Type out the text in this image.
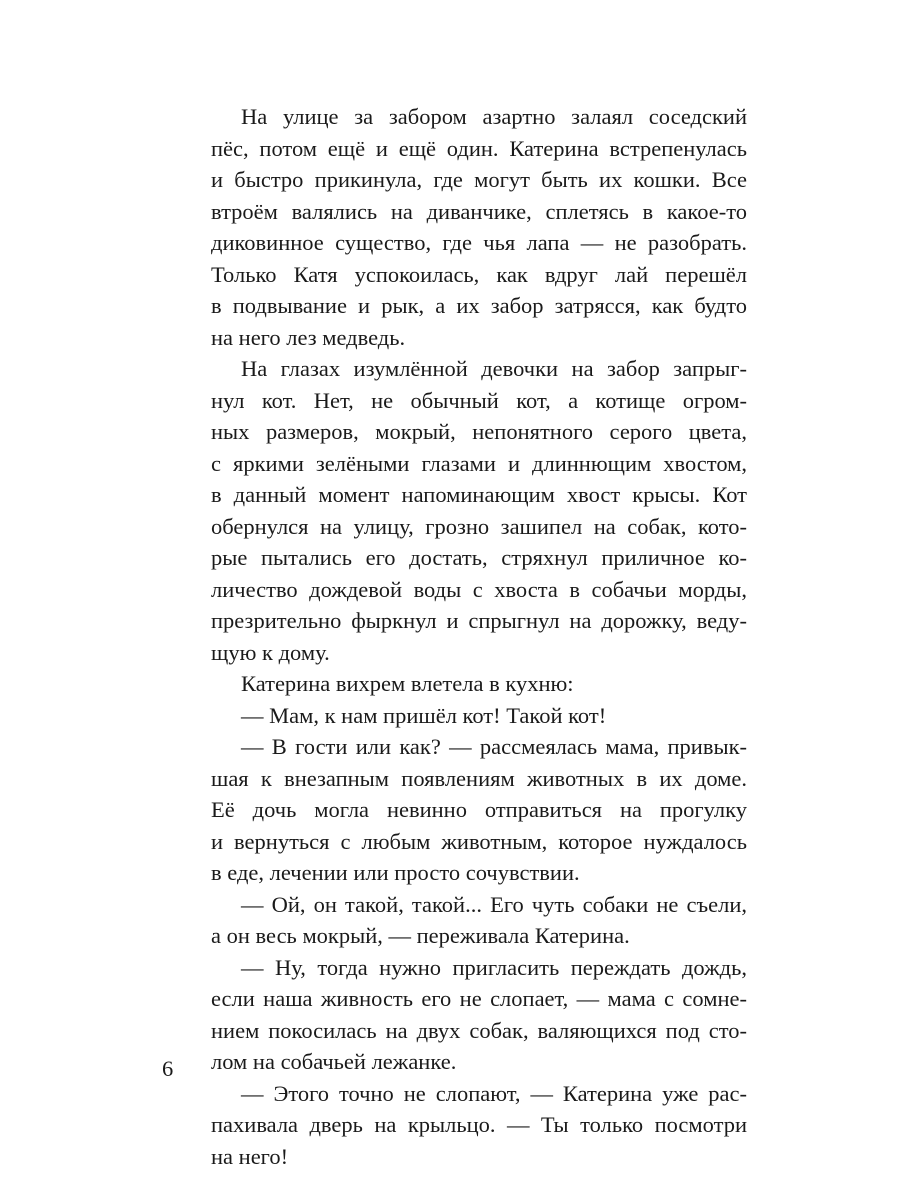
На улице за забором азартно залаял соседский
пёс, потом ещё и ещё один. Катерина встрепенулась
и быстро прикинула, где могут быть их кошки. Все
втроём валялись на диванчике, сплетясь в какое-то
диковинное существо, где чья лапа — не разобрать.
Только Катя успокоилась, как вдруг лай перешёл
в подвывание и рык, а их забор затрясся, как будто
на него лез медведь.
На глазах изумлённой девочки на забор запрыг-
нул кот. Нет, не обычный кот, а котище огром-
ных размеров, мокрый, непонятного серого цвета,
с яркими зелёными глазами и длиннющим хвостом,
в данный момент напоминающим хвост крысы. Кот
обернулся на улицу, грозно зашипел на собак, кото-
рые пытались его достать, стряхнул приличное ко-
личество дождевой воды с хвоста в собачьи морды,
презрительно фыркнул и спрыгнул на дорожку, веду-
щую к дому.
Катерина вихрем влетела в кухню:
— Мам, к нам пришёл кот! Такой кот!
— В гости или как? — рассмеялась мама, привык-
шая к внезапным появлениям животных в их доме.
Её дочь могла невинно отправиться на прогулку
и вернуться с любым животным, которое нуждалось
в еде, лечении или просто сочувствии.
— Ой, он такой, такой... Его чуть собаки не съели,
а он весь мокрый, — переживала Катерина.
— Ну, тогда нужно пригласить переждать дождь,
если наша живность его не слопает, — мама с сомне-
нием покосилась на двух собак, валяющихся под сто-
лом на собачьей лежанке.
— Этого точно не слопают, — Катерина уже рас-
пахивала дверь на крыльцо. — Ты только посмотри
на него!
6
